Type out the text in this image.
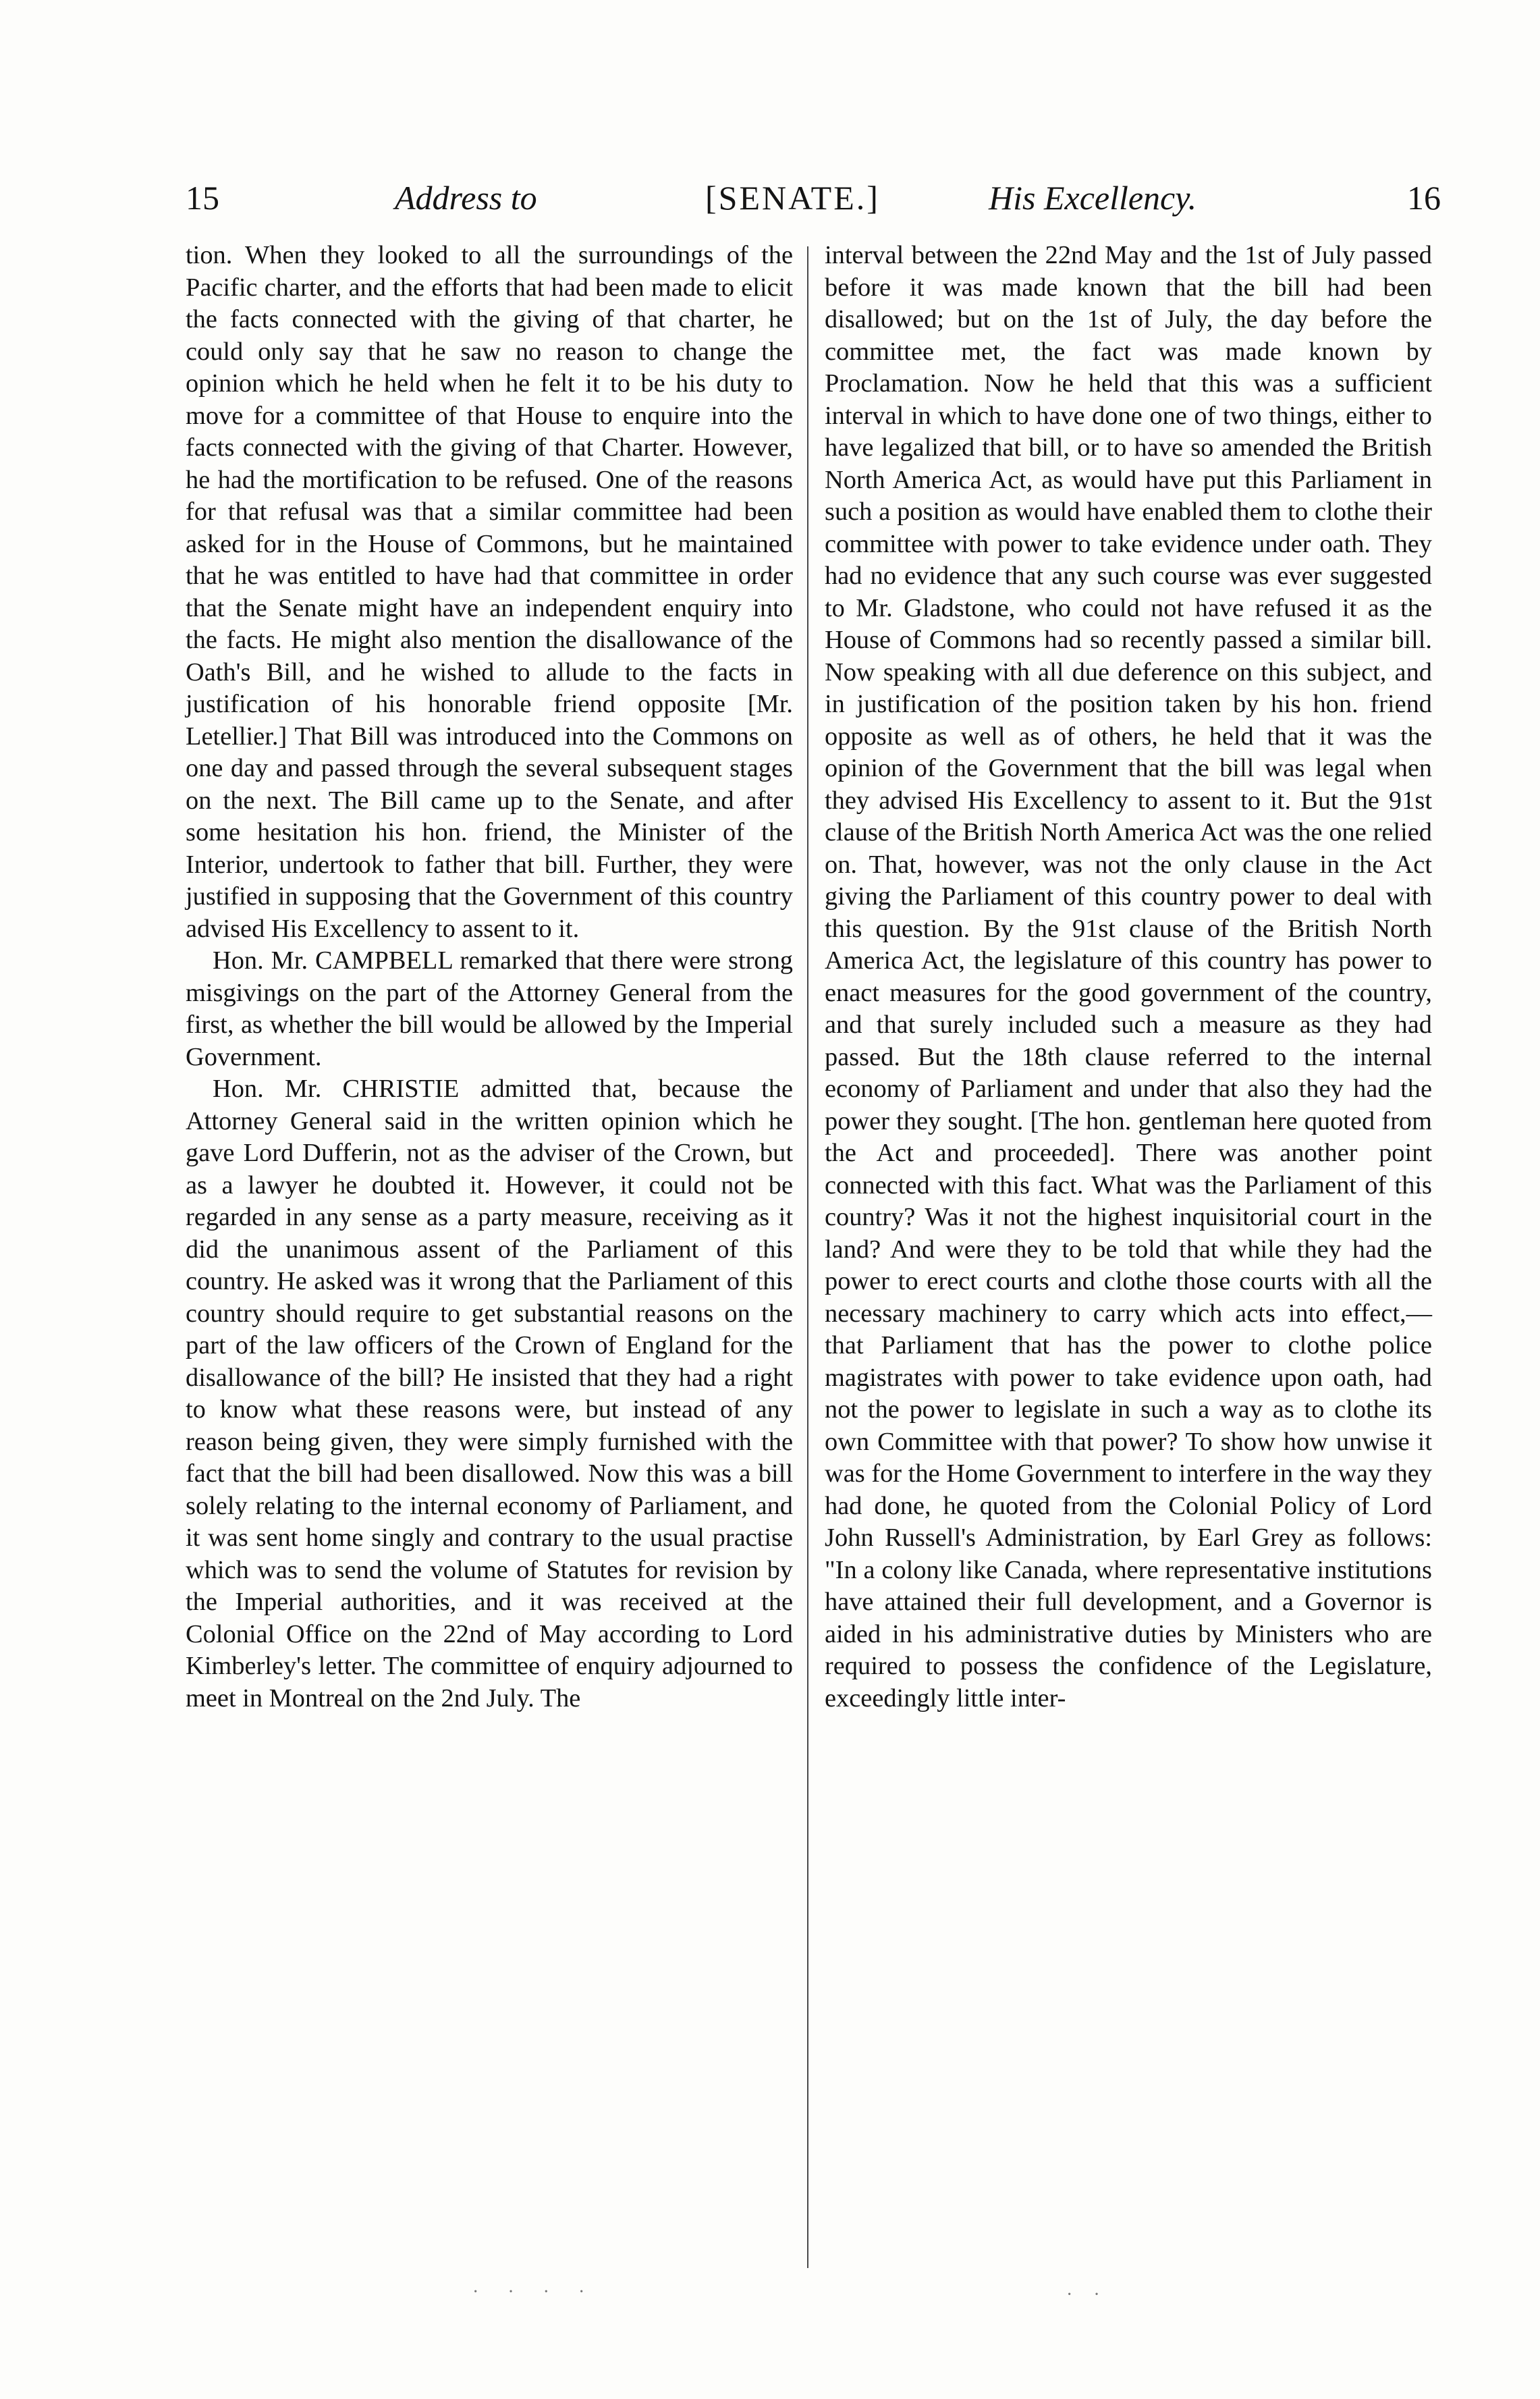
15	Address to	[SENATE.]	His Excellency.	16

tion. When they looked to all the surroundings of the Pacific charter, and the efforts that had been made to elicit the facts connected with the giving of that charter, he could only say that he saw no reason to change the opinion which he held when he felt it to be his duty to move for a committee of that House to enquire into the facts connected with the giving of that Charter. However, he had the mortification to be refused. One of the reasons for that refusal was that a similar committee had been asked for in the House of Commons, but he maintained that he was entitled to have had that committee in order that the Senate might have an independent enquiry into the facts. He might also mention the disallowance of the Oath's Bill, and he wished to allude to the facts in justification of his honorable friend opposite [Mr. Letellier.] That Bill was introduced into the Commons on one day and passed through the several subsequent stages on the next. The Bill came up to the Senate, and after some hesitation his hon. friend, the Minister of the Interior, undertook to father that bill. Further, they were justified in supposing that the Government of this country advised His Excellency to assent to it.

Hon. Mr. CAMPBELL remarked that there were strong misgivings on the part of the Attorney General from the first, as whether the bill would be allowed by the Imperial Government.

Hon. Mr. CHRISTIE admitted that, because the Attorney General said in the written opinion which he gave Lord Dufferin, not as the adviser of the Crown, but as a lawyer he doubted it. However, it could not be regarded in any sense as a party measure, receiving as it did the unanimous assent of the Parliament of this country. He asked was it wrong that the Parliament of this country should require to get substantial reasons on the part of the law officers of the Crown of England for the disallowance of the bill? He insisted that they had a right to know what these reasons were, but instead of any reason being given, they were simply furnished with the fact that the bill had been disallowed. Now this was a bill solely relating to the internal economy of Parliament, and it was sent home singly and contrary to the usual practise which was to send the volume of Statutes for revision by the Imperial authorities, and it was received at the Colonial Office on the 22nd of May according to Lord Kimberley's letter. The committee of enquiry adjourned to meet in Montreal on the 2nd July. The

interval between the 22nd May and the 1st of July passed before it was made known that the bill had been disallowed; but on the 1st of July, the day before the committee met, the fact was made known by Proclamation. Now he held that this was a sufficient interval in which to have done one of two things, either to have legalized that bill, or to have so amended the British North America Act, as would have put this Parliament in such a position as would have enabled them to clothe their committee with power to take evidence under oath. They had no evidence that any such course was ever suggested to Mr. Gladstone, who could not have refused it as the House of Commons had so recently passed a similar bill. Now speaking with all due deference on this subject, and in justification of the position taken by his hon. friend opposite as well as of others, he held that it was the opinion of the Government that the bill was legal when they advised His Excellency to assent to it. But the 91st clause of the British North America Act was the one relied on. That, however, was not the only clause in the Act giving the Parliament of this country power to deal with this question. By the 91st clause of the British North America Act, the legislature of this country has power to enact measures for the good government of the country, and that surely included such a measure as they had passed. But the 18th clause referred to the internal economy of Parliament and under that also they had the power they sought. [The hon. gentleman here quoted from the Act and proceeded]. There was another point connected with this fact. What was the Parliament of this country? Was it not the highest inquisitorial court in the land? And were they to be told that while they had the power to erect courts and clothe those courts with all the necessary machinery to carry which acts into effect,— that Parliament that has the power to clothe police magistrates with power to take evidence upon oath, had not the power to legislate in such a way as to clothe its own Committee with that power? To show how unwise it was for the Home Government to interfere in the way they had done, he quoted from the Colonial Policy of Lord John Russell's Administration, by Earl Grey as follows: "In a colony like Canada, where representative institutions have attained their full development, and a Governor is aided in his administrative duties by Ministers who are required to possess the confidence of the Legislature, exceedingly little inter-

· · · ·	· ·
